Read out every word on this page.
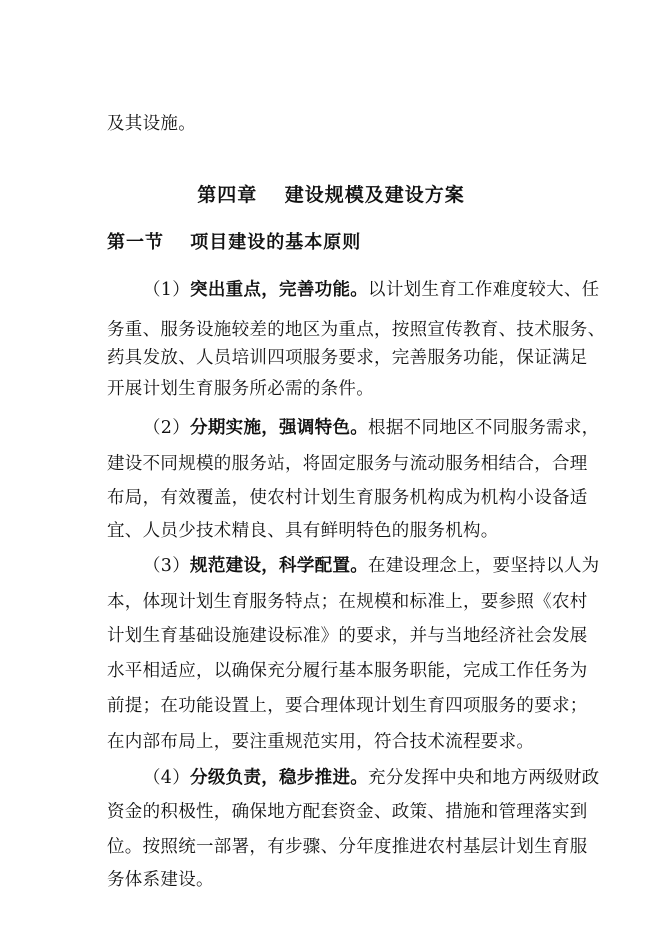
及其设施。
第四章　 建设规模及建设方案
第一节　 项目建设的基本原则
（1）突出重点，完善功能。以计划生育工作难度较大、任
务重、服务设施较差的地区为重点，按照宣传教育、技术服务、
药具发放、人员培训四项服务要求，完善服务功能，保证满足
开展计划生育服务所必需的条件。
（2）分期实施，强调特色。根据不同地区不同服务需求，
建设不同规模的服务站，将固定服务与流动服务相结合，合理
布局，有效覆盖，使农村计划生育服务机构成为机构小设备适
宜、人员少技术精良、具有鲜明特色的服务机构。
（3）规范建设，科学配置。在建设理念上，要坚持以人为
本，体现计划生育服务特点；在规模和标准上，要参照《农村
计划生育基础设施建设标准》的要求，并与当地经济社会发展
水平相适应，以确保充分履行基本服务职能，完成工作任务为
前提；在功能设置上，要合理体现计划生育四项服务的要求；
在内部布局上，要注重规范实用，符合技术流程要求。
（4）分级负责，稳步推进。充分发挥中央和地方两级财政
资金的积极性，确保地方配套资金、政策、措施和管理落实到
位。按照统一部署，有步骤、分年度推进农村基层计划生育服
务体系建设。
